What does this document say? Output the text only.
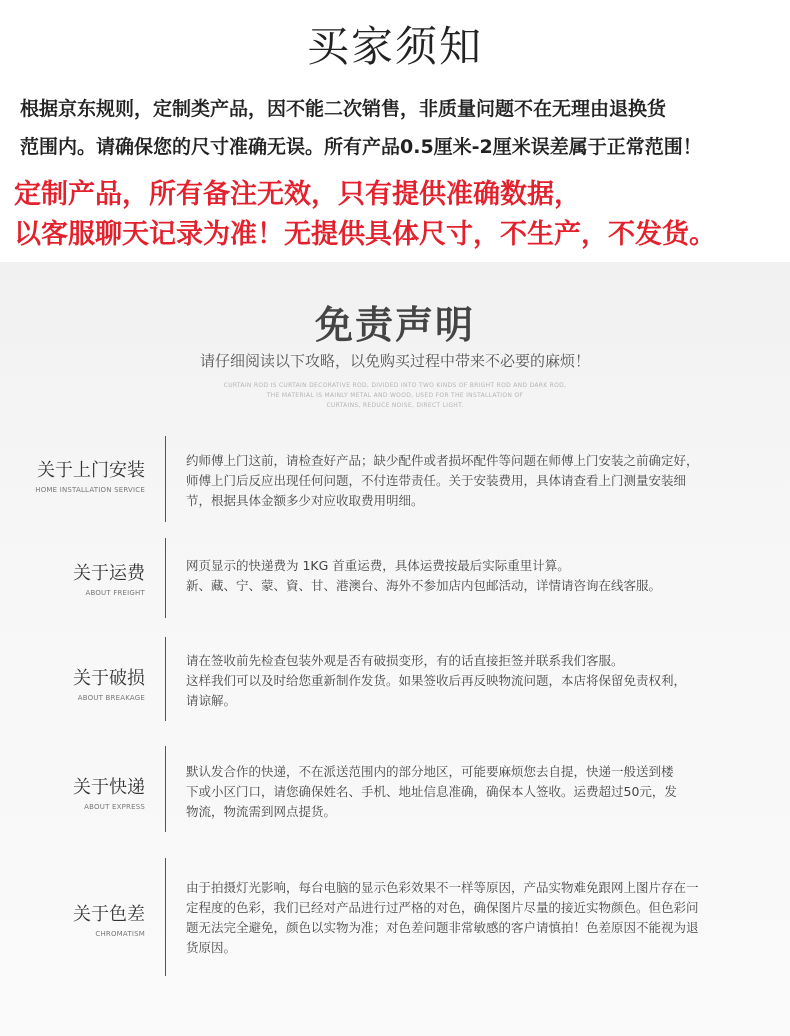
买家须知
根据京东规则，定制类产品，因不能二次销售，非质量问题不在无理由退换货
范围内。请确保您的尺寸准确无误。所有产品0.5厘米-2厘米误差属于正常范围！
定制产品，所有备注无效，只有提供准确数据，
以客服聊天记录为准！无提供具体尺寸，不生产，不发货。
免责声明
请仔细阅读以下攻略，以免购买过程中带来不必要的麻烦！
CURTAIN ROD IS CURTAIN DECORATIVE ROD, DIVIDED INTO TWO KINDS OF BRIGHT ROD AND DARK ROD,
THE MATERIAL IS MAINLY METAL AND WOOD, USED FOR THE INSTALLATION OF
CURTAINS, REDUCE NOISE, DIRECT LIGHT.
关于上门安装
HOME INSTALLATION SERVICE

约师傅上门这前，请检查好产品；缺少配件或者损坏配件等问题在师傅上门安装之前确定好，

师傅上门后反应出现任何问题，不付连带责任。关于安装费用，具体请查看上门测量安装细

节，根据具体金额多少对应收取费用明细。

关于运费
ABOUT FREIGHT

网页显示的快递费为 1KG 首重运费，具体运费按最后实际重里计算。

新、藏、宁、蒙、資、甘、港澳台、海外不参加店内包邮活动，详情请咨询在线客服。

关于破损
ABOUT BREAKAGE

请在签收前先检查包装外观是否有破损变形，有的话直接拒签并联系我们客服。

这样我们可以及时给您重新制作发货。如果签收后再反映物流问题，本店将保留免责权利，

请谅解。

关于快递
ABOUT EXPRESS

默认发合作的快递，不在派送范围内的部分地区，可能要麻烦您去自提，快递一般送到楼

下或小区门口，请您确保姓名、手机、地址信息准确，确保本人签收。运费超过50元，发

物流，物流需到网点提货。

关于色差
CHROMATISM

由于拍摄灯光影响，每台电脑的显示色彩效果不一样等原因，产品实物难免跟网上图片存在一

定程度的色彩，我们已经对产品进行过严格的对色，确保图片尽量的接近实物颜色。但色彩问

题无法完全避免，颜色以实物为准；对色差问题非常敏感的客户请慎拍！色差原因不能视为退

货原因。
